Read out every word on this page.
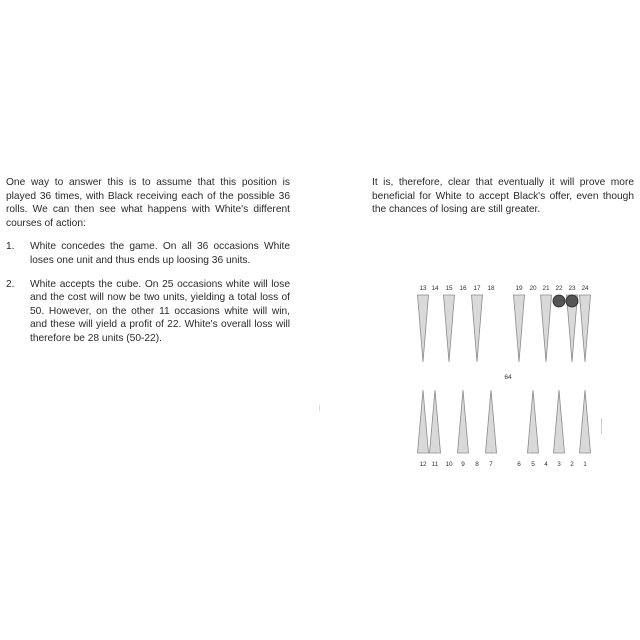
One way to answer this is to assume that this position is played 36 times, with Black receiving each of the possible 36 rolls. We can then see what happens with White's different courses of action:

1.	White concedes the game. On all 36 occasions White loses one unit and thus ends up loosing 36 units.
2.	White accepts the cube. On 25 occasions white will lose and the cost will now be two units, yielding a total loss of 50. However, on the other 11 occasions white will win, and these will yield a profit of 22. White's overall loss will therefore be 28 units (50-22).

It is, therefore, clear that eventually it will prove more beneficial for White to accept Black's offer, even though the chances of losing are still greater.

13 14 15 16 17 18	19 20 21 22 23 24
12 11 10 9 8 7	6 5 4 3 2 1
64
